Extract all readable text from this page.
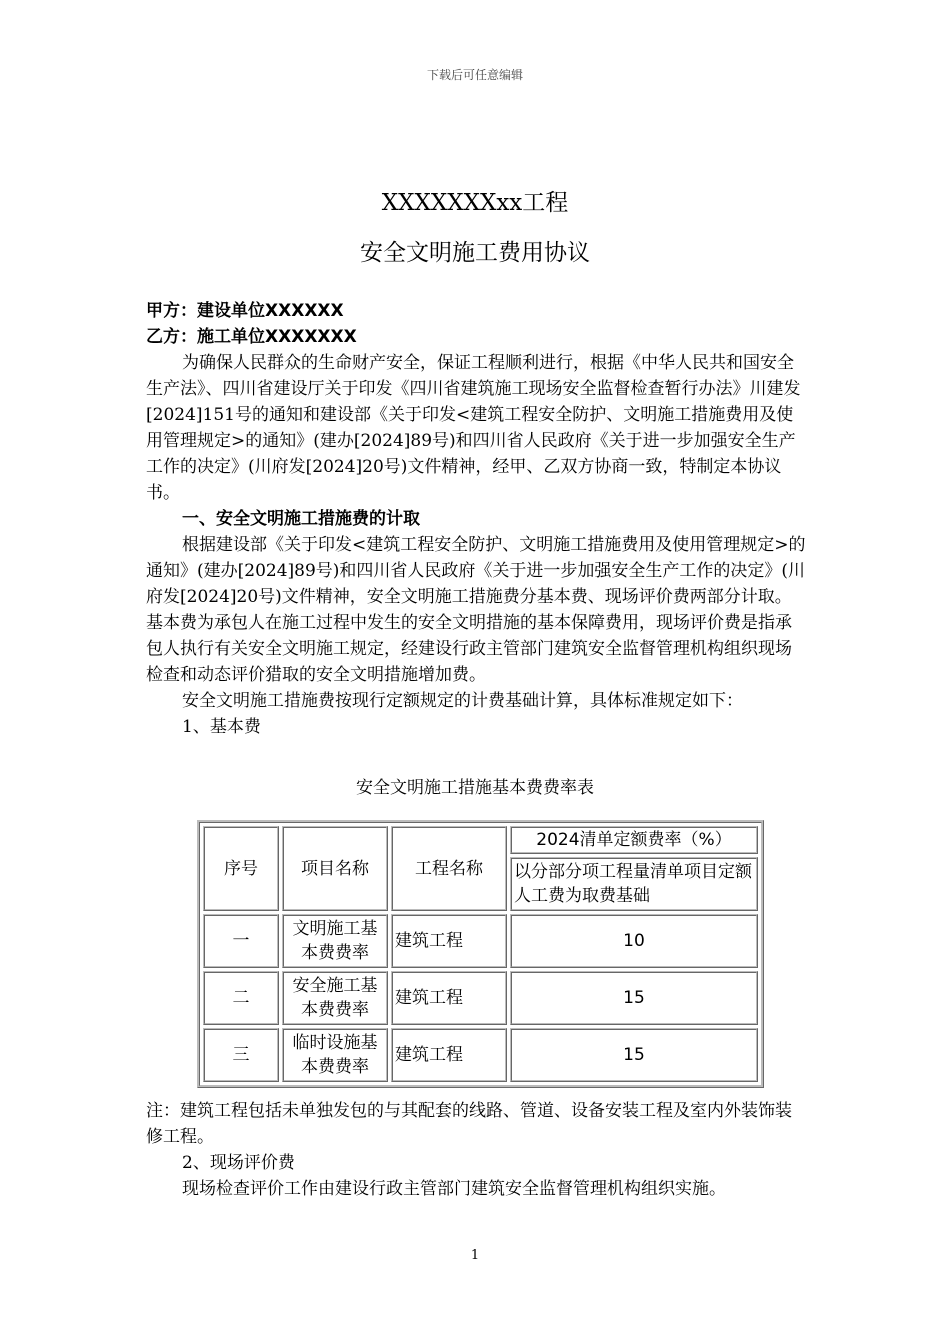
下载后可任意编辑
XXXXXXXxx工程
安全文明施工费用协议

甲方：建设单位XXXXXX

乙方：施工单位XXXXXXX

为确保人民群众的生命财产安全，保证工程顺利进行，根据《中华人民共和国安全生产法》、四川省建设厅关于印发《四川省建筑施工现场安全监督检查暂行办法》川建发[2024]151号的通知和建设部《关于印发<建筑工程安全防护、文明施工措施费用及使用管理规定>的通知》(建办[2024]89号)和四川省人民政府《关于进一步加强安全生产工作的决定》(川府发[2024]20号)文件精神，经甲、乙双方协商一致，特制定本协议书。

一、安全文明施工措施费的计取

根据建设部《关于印发<建筑工程安全防护、文明施工措施费用及使用管理规定>的通知》(建办[2024]89号)和四川省人民政府《关于进一步加强安全生产工作的决定》(川府发[2024]20号)文件精神，安全文明施工措施费分基本费、现场评价费两部分计取。基本费为承包人在施工过程中发生的安全文明措施的基本保障费用，现场评价费是指承包人执行有关安全文明施工规定，经建设行政主管部门建筑安全监督管理机构组织现场检查和动态评价猎取的安全文明措施增加费。

安全文明施工措施费按现行定额规定的计费基础计算，具体标准规定如下：

1、基本费

安全文明施工措施基本费费率表
序号	项目名称	工程名称	2024清单定额费率（%）
			以分部分项工程量清单项目定额人工费为取费基础
一	文明施工基本费费率	建筑工程	10
二	安全施工基本费费率	建筑工程	15
三	临时设施基本费费率	建筑工程	15

注：建筑工程包括未单独发包的与其配套的线路、管道、设备安装工程及室内外装饰装修工程。

2、现场评价费

现场检查评价工作由建设行政主管部门建筑安全监督管理机构组织实施。

1
